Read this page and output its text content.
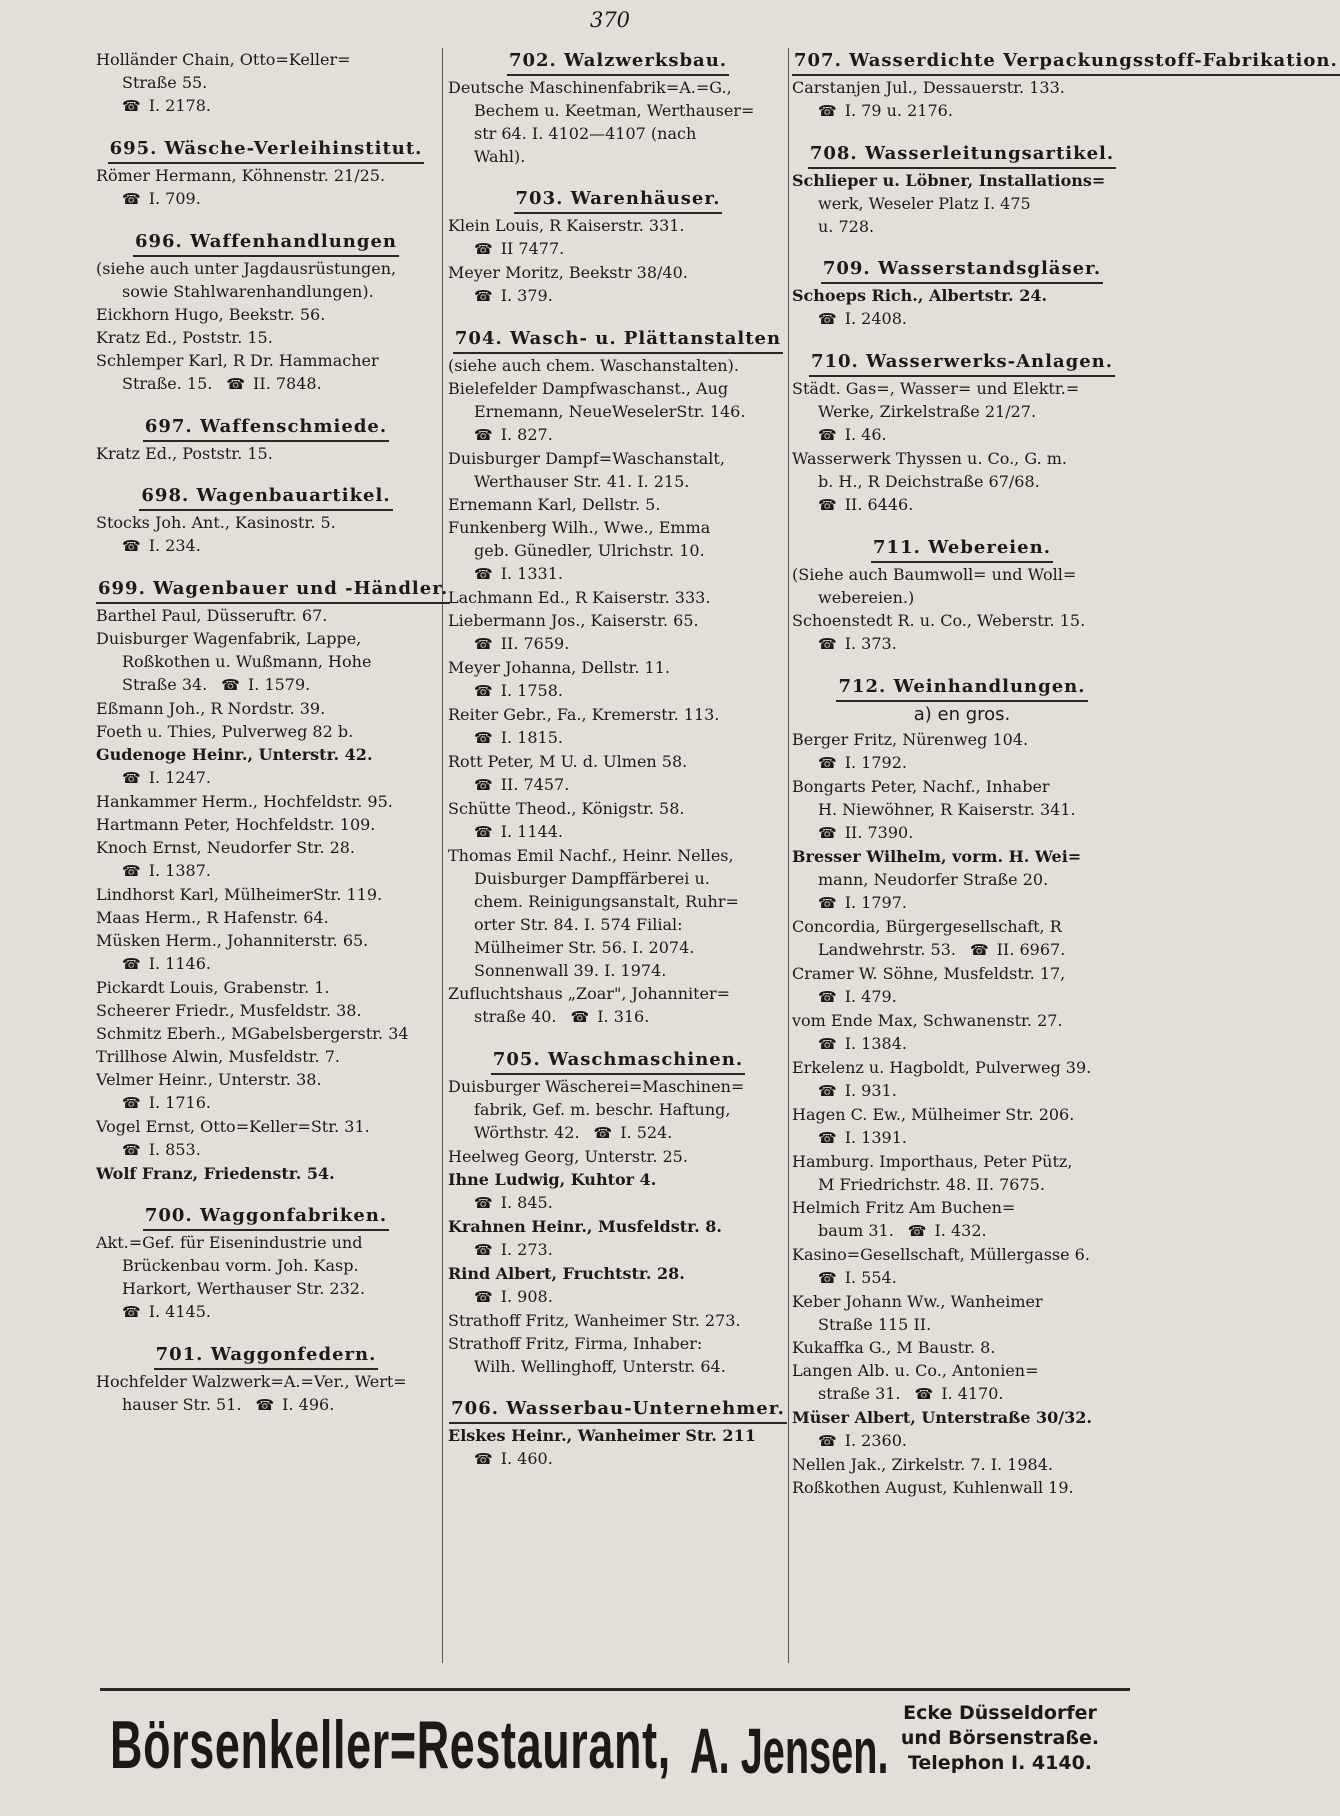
370
Holländer Chain, Otto=Keller=
Straße 55.
☎ I. 2178.
695. Wäsche-Verleihinstitut.
Römer Hermann, Köhnenstr. 21/25.
☎ I. 709.
696. Waffenhandlungen
(siehe auch unter Jagdausrüstungen,
sowie Stahlwarenhandlungen).
Eickhorn Hugo, Beekstr. 56.
Kratz Ed., Poststr. 15.
Schlemper Karl, R Dr. Hammacher
Straße. 15. ☎ II. 7848.
697. Waffenschmiede.
Kratz Ed., Poststr. 15.
698. Wagenbauartikel.
Stocks Joh. Ant., Kasinostr. 5.
☎ I. 234.
699. Wagenbauer und -Händler.
Barthel Paul, Düsseruftr. 67.
Duisburger Wagenfabrik, Lappe,
Roßkothen u. Wußmann, Hohe
Straße 34. ☎ I. 1579.
Eßmann Joh., R Nordstr. 39.
Foeth u. Thies, Pulverweg 82 b.
Gudenoge Heinr., Unterstr. 42.
☎ I. 1247.
Hankammer Herm., Hochfeldstr. 95.
Hartmann Peter, Hochfeldstr. 109.
Knoch Ernst, Neudorfer Str. 28.
☎ I. 1387.
Lindhorst Karl, MülheimerStr. 119.
Maas Herm., R Hafenstr. 64.
Müsken Herm., Johanniterstr. 65.
☎ I. 1146.
Pickardt Louis, Grabenstr. 1.
Scheerer Friedr., Musfeldstr. 38.
Schmitz Eberh., MGabelsbergerstr. 34
Trillhose Alwin, Musfeldstr. 7.
Velmer Heinr., Unterstr. 38.
☎ I. 1716.
Vogel Ernst, Otto=Keller=Str. 31.
☎ I. 853.
Wolf Franz, Friedenstr. 54.
700. Waggonfabriken.
Akt.=Gef. für Eisenindustrie und
Brückenbau vorm. Joh. Kasp.
Harkort, Werthauser Str. 232.
☎ I. 4145.
701. Waggonfedern.
Hochfelder Walzwerk=A.=Ver., Wert=
hauser Str. 51. ☎ I. 496.
702. Walzwerksbau.
Deutsche Maschinenfabrik=A.=G.,
Bechem u. Keetman, Werthauser=
str 64. I. 4102—4107 (nach
Wahl).
703. Warenhäuser.
Klein Louis, R Kaiserstr. 331.
☎ II 7477.
Meyer Moritz, Beekstr 38/40.
☎ I. 379.
704. Wasch- u. Plättanstalten
(siehe auch chem. Waschanstalten).
Bielefelder Dampfwaschanst., Aug
Ernemann, NeueWeselerStr. 146.
☎ I. 827.
Duisburger Dampf=Waschanstalt,
Werthauser Str. 41. I. 215.
Ernemann Karl, Dellstr. 5.
Funkenberg Wilh., Wwe., Emma
geb. Günedler, Ulrichstr. 10.
☎ I. 1331.
Lachmann Ed., R Kaiserstr. 333.
Liebermann Jos., Kaiserstr. 65.
☎ II. 7659.
Meyer Johanna, Dellstr. 11.
☎ I. 1758.
Reiter Gebr., Fa., Kremerstr. 113.
☎ I. 1815.
Rott Peter, M U. d. Ulmen 58.
☎ II. 7457.
Schütte Theod., Königstr. 58.
☎ I. 1144.
Thomas Emil Nachf., Heinr. Nelles,
Duisburger Dampffärberei u.
chem. Reinigungsanstalt, Ruhr=
orter Str. 84. I. 574 Filial:
Mülheimer Str. 56. I. 2074.
Sonnenwall 39. I. 1974.
Zufluchtshaus „Zoar", Johanniter=
straße 40. ☎ I. 316.
705. Waschmaschinen.
Duisburger Wäscherei=Maschinen=
fabrik, Gef. m. beschr. Haftung,
Wörthstr. 42. ☎ I. 524.
Heelweg Georg, Unterstr. 25.
Ihne Ludwig, Kuhtor 4.
☎ I. 845.
Krahnen Heinr., Musfeldstr. 8.
☎ I. 273.
Rind Albert, Fruchtstr. 28.
☎ I. 908.
Strathoff Fritz, Wanheimer Str. 273.
Strathoff Fritz, Firma, Inhaber:
Wilh. Wellinghoff, Unterstr. 64.
706. Wasserbau-Unternehmer.
Elskes Heinr., Wanheimer Str. 211
☎ I. 460.
707. Wasserdichte Verpackungsstoff-Fabrikation.
Carstanjen Jul., Dessauerstr. 133.
☎ I. 79 u. 2176.
708. Wasserleitungsartikel.
Schlieper u. Löbner, Installations=
werk, Weseler Platz I. 475
u. 728.
709. Wasserstandsgläser.
Schoeps Rich., Albertstr. 24.
☎ I. 2408.
710. Wasserwerks-Anlagen.
Städt. Gas=, Wasser= und Elektr.=
Werke, Zirkelstraße 21/27.
☎ I. 46.
Wasserwerk Thyssen u. Co., G. m.
b. H., R Deichstraße 67/68.
☎ II. 6446.
711. Webereien.
(Siehe auch Baumwoll= und Woll=
webereien.)
Schoenstedt R. u. Co., Weberstr. 15.
☎ I. 373.
712. Weinhandlungen.
a) en gros.
Berger Fritz, Nürenweg 104.
☎ I. 1792.
Bongarts Peter, Nachf., Inhaber
H. Niewöhner, R Kaiserstr. 341.
☎ II. 7390.
Bresser Wilhelm, vorm. H. Wei=
mann, Neudorfer Straße 20.
☎ I. 1797.
Concordia, Bürgergesellschaft, R
Landwehrstr. 53. ☎ II. 6967.
Cramer W. Söhne, Musfeldstr. 17,
☎ I. 479.
vom Ende Max, Schwanenstr. 27.
☎ I. 1384.
Erkelenz u. Hagboldt, Pulverweg 39.
☎ I. 931.
Hagen C. Ew., Mülheimer Str. 206.
☎ I. 1391.
Hamburg. Importhaus, Peter Pütz,
M Friedrichstr. 48. II. 7675.
Helmich Fritz Am Buchen=
baum 31. ☎ I. 432.
Kasino=Gesellschaft, Müllergasse 6.
☎ I. 554.
Keber Johann Ww., Wanheimer
Straße 115 II.
Kukaffka G., M Baustr. 8.
Langen Alb. u. Co., Antonien=
straße 31. ☎ I. 4170.
Müser Albert, Unterstraße 30/32.
☎ I. 2360.
Nellen Jak., Zirkelstr. 7. I. 1984.
Roßkothen August, Kuhlenwall 19.
Börsenkeller=Restaurant, A. Jensen.
Ecke Düsseldorfer
und Börsenstraße.
Telephon I. 4140.
